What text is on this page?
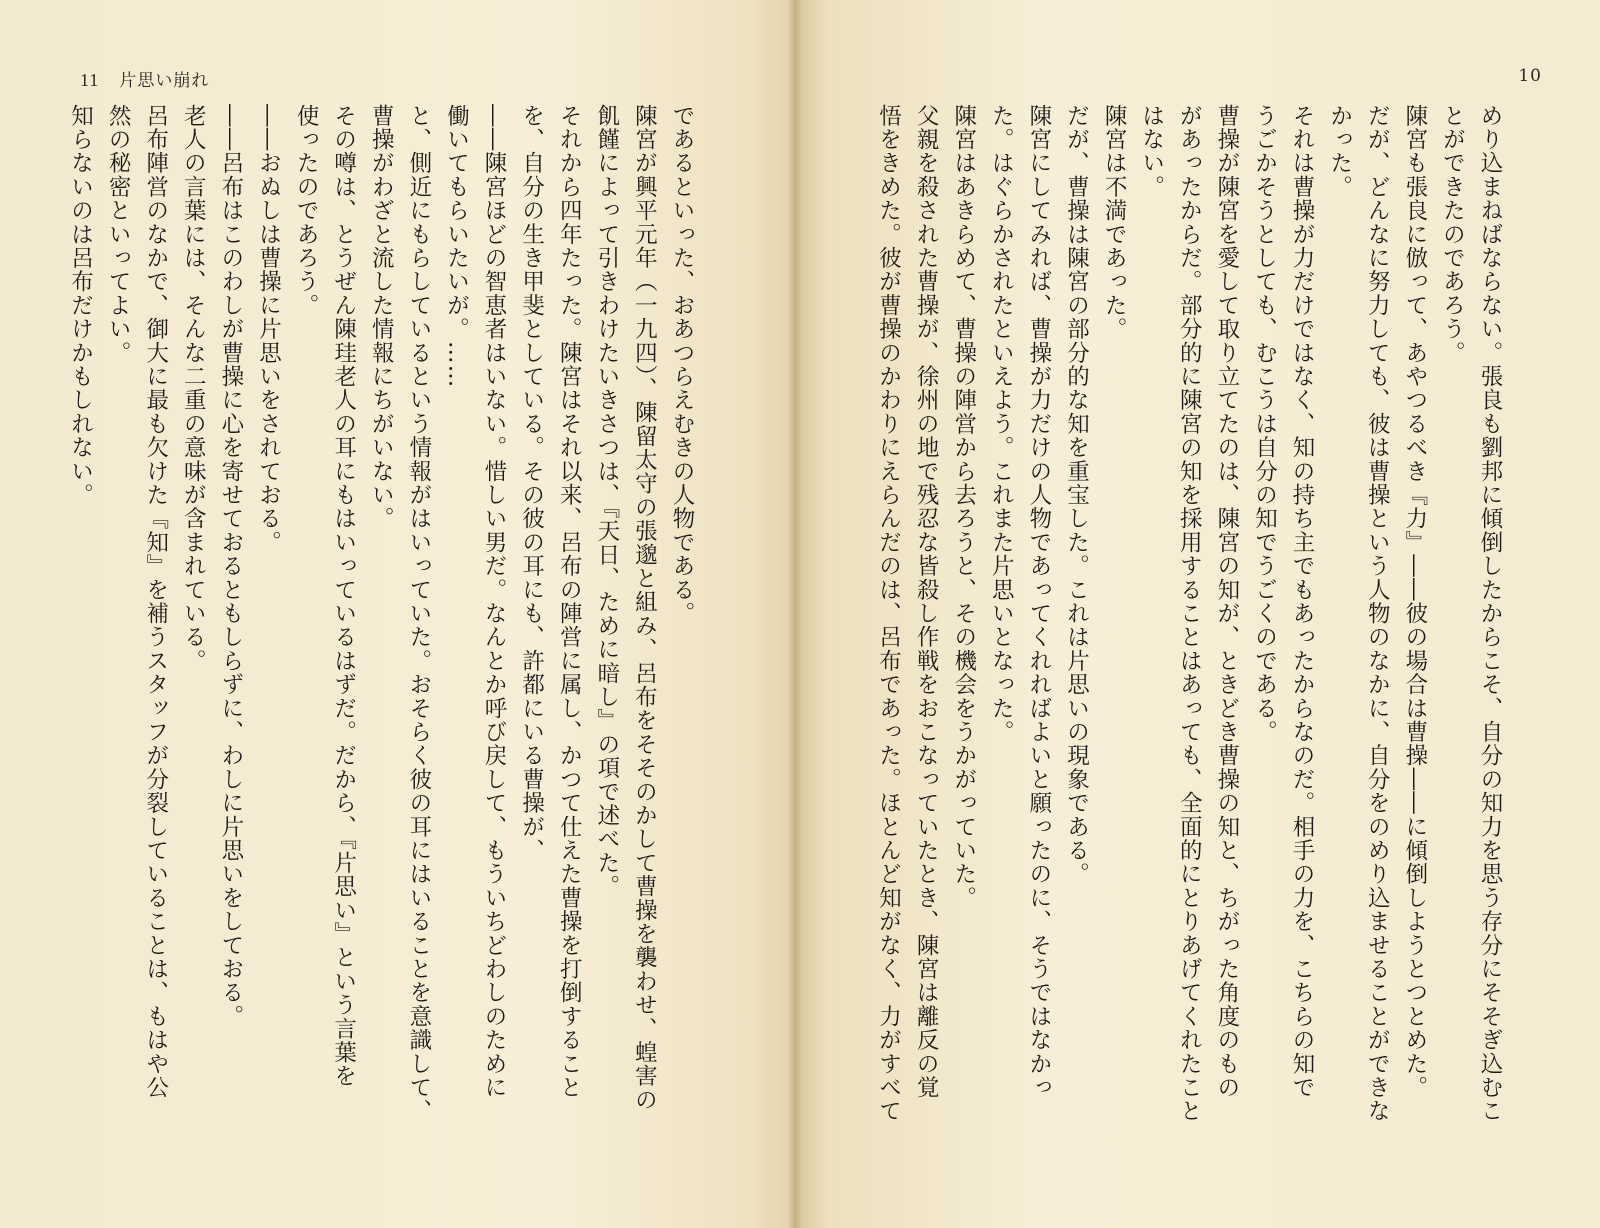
11 片思い崩れ
であるといった、おあつらえむきの人物である。
陳宮が興平元年（一九四）、陳留太守の張邈と組み、呂布をそそのかして曹操を襲わせ、蝗害の
飢饉によって引きわけたいきさつは、『天日、ために暗し』の項で述べた。
それから四年たった。陳宮はそれ以来、呂布の陣営に属し、かつて仕えた曹操を打倒すること
を、自分の生き甲斐としている。その彼の耳にも、許都にいる曹操が、
――陳宮ほどの智恵者はいない。惜しい男だ。なんとか呼び戻して、もういちどわしのために
働いてもらいたいが。……
と、側近にもらしているという情報がはいっていた。おそらく彼の耳にはいることを意識して、
曹操がわざと流した情報にちがいない。
その噂は、とうぜん陳珪老人の耳にもはいっているはずだ。だから、『片思い』という言葉を
使ったのであろう。
――おぬしは曹操に片思いをされておる。
――呂布はこのわしが曹操に心を寄せておるともしらずに、わしに片思いをしておる。
老人の言葉には、そんな二重の意味が含まれている。
呂布陣営のなかで、御大に最も欠けた『知』を補うスタッフが分裂していることは、もはや公
然の秘密といってよい。
知らないのは呂布だけかもしれない。
10
めり込まねばならない。張良も劉邦に傾倒したからこそ、自分の知力を思う存分にそそぎ込むこ
とができたのであろう。
陳宮も張良に倣って、あやつるべき『力』――彼の場合は曹操――に傾倒しようとつとめた。
だが、どんなに努力しても、彼は曹操という人物のなかに、自分をのめり込ませることができな
かった。
それは曹操が力だけではなく、知の持ち主でもあったからなのだ。相手の力を、こちらの知で
うごかそうとしても、むこうは自分の知でうごくのである。
曹操が陳宮を愛して取り立てたのは、陳宮の知が、ときどき曹操の知と、ちがった角度のもの
があったからだ。部分的に陳宮の知を採用することはあっても、全面的にとりあげてくれたこと
はない。
陳宮は不満であった。
だが、曹操は陳宮の部分的な知を重宝した。これは片思いの現象である。
陳宮にしてみれば、曹操が力だけの人物であってくれればよいと願ったのに、そうではなかっ
た。はぐらかされたといえよう。これまた片思いとなった。
陳宮はあきらめて、曹操の陣営から去ろうと、その機会をうかがっていた。
父親を殺された曹操が、徐州の地で残忍な皆殺し作戦をおこなっていたとき、陳宮は離反の覚
悟をきめた。彼が曹操のかわりにえらんだのは、呂布であった。ほとんど知がなく、力がすべて
